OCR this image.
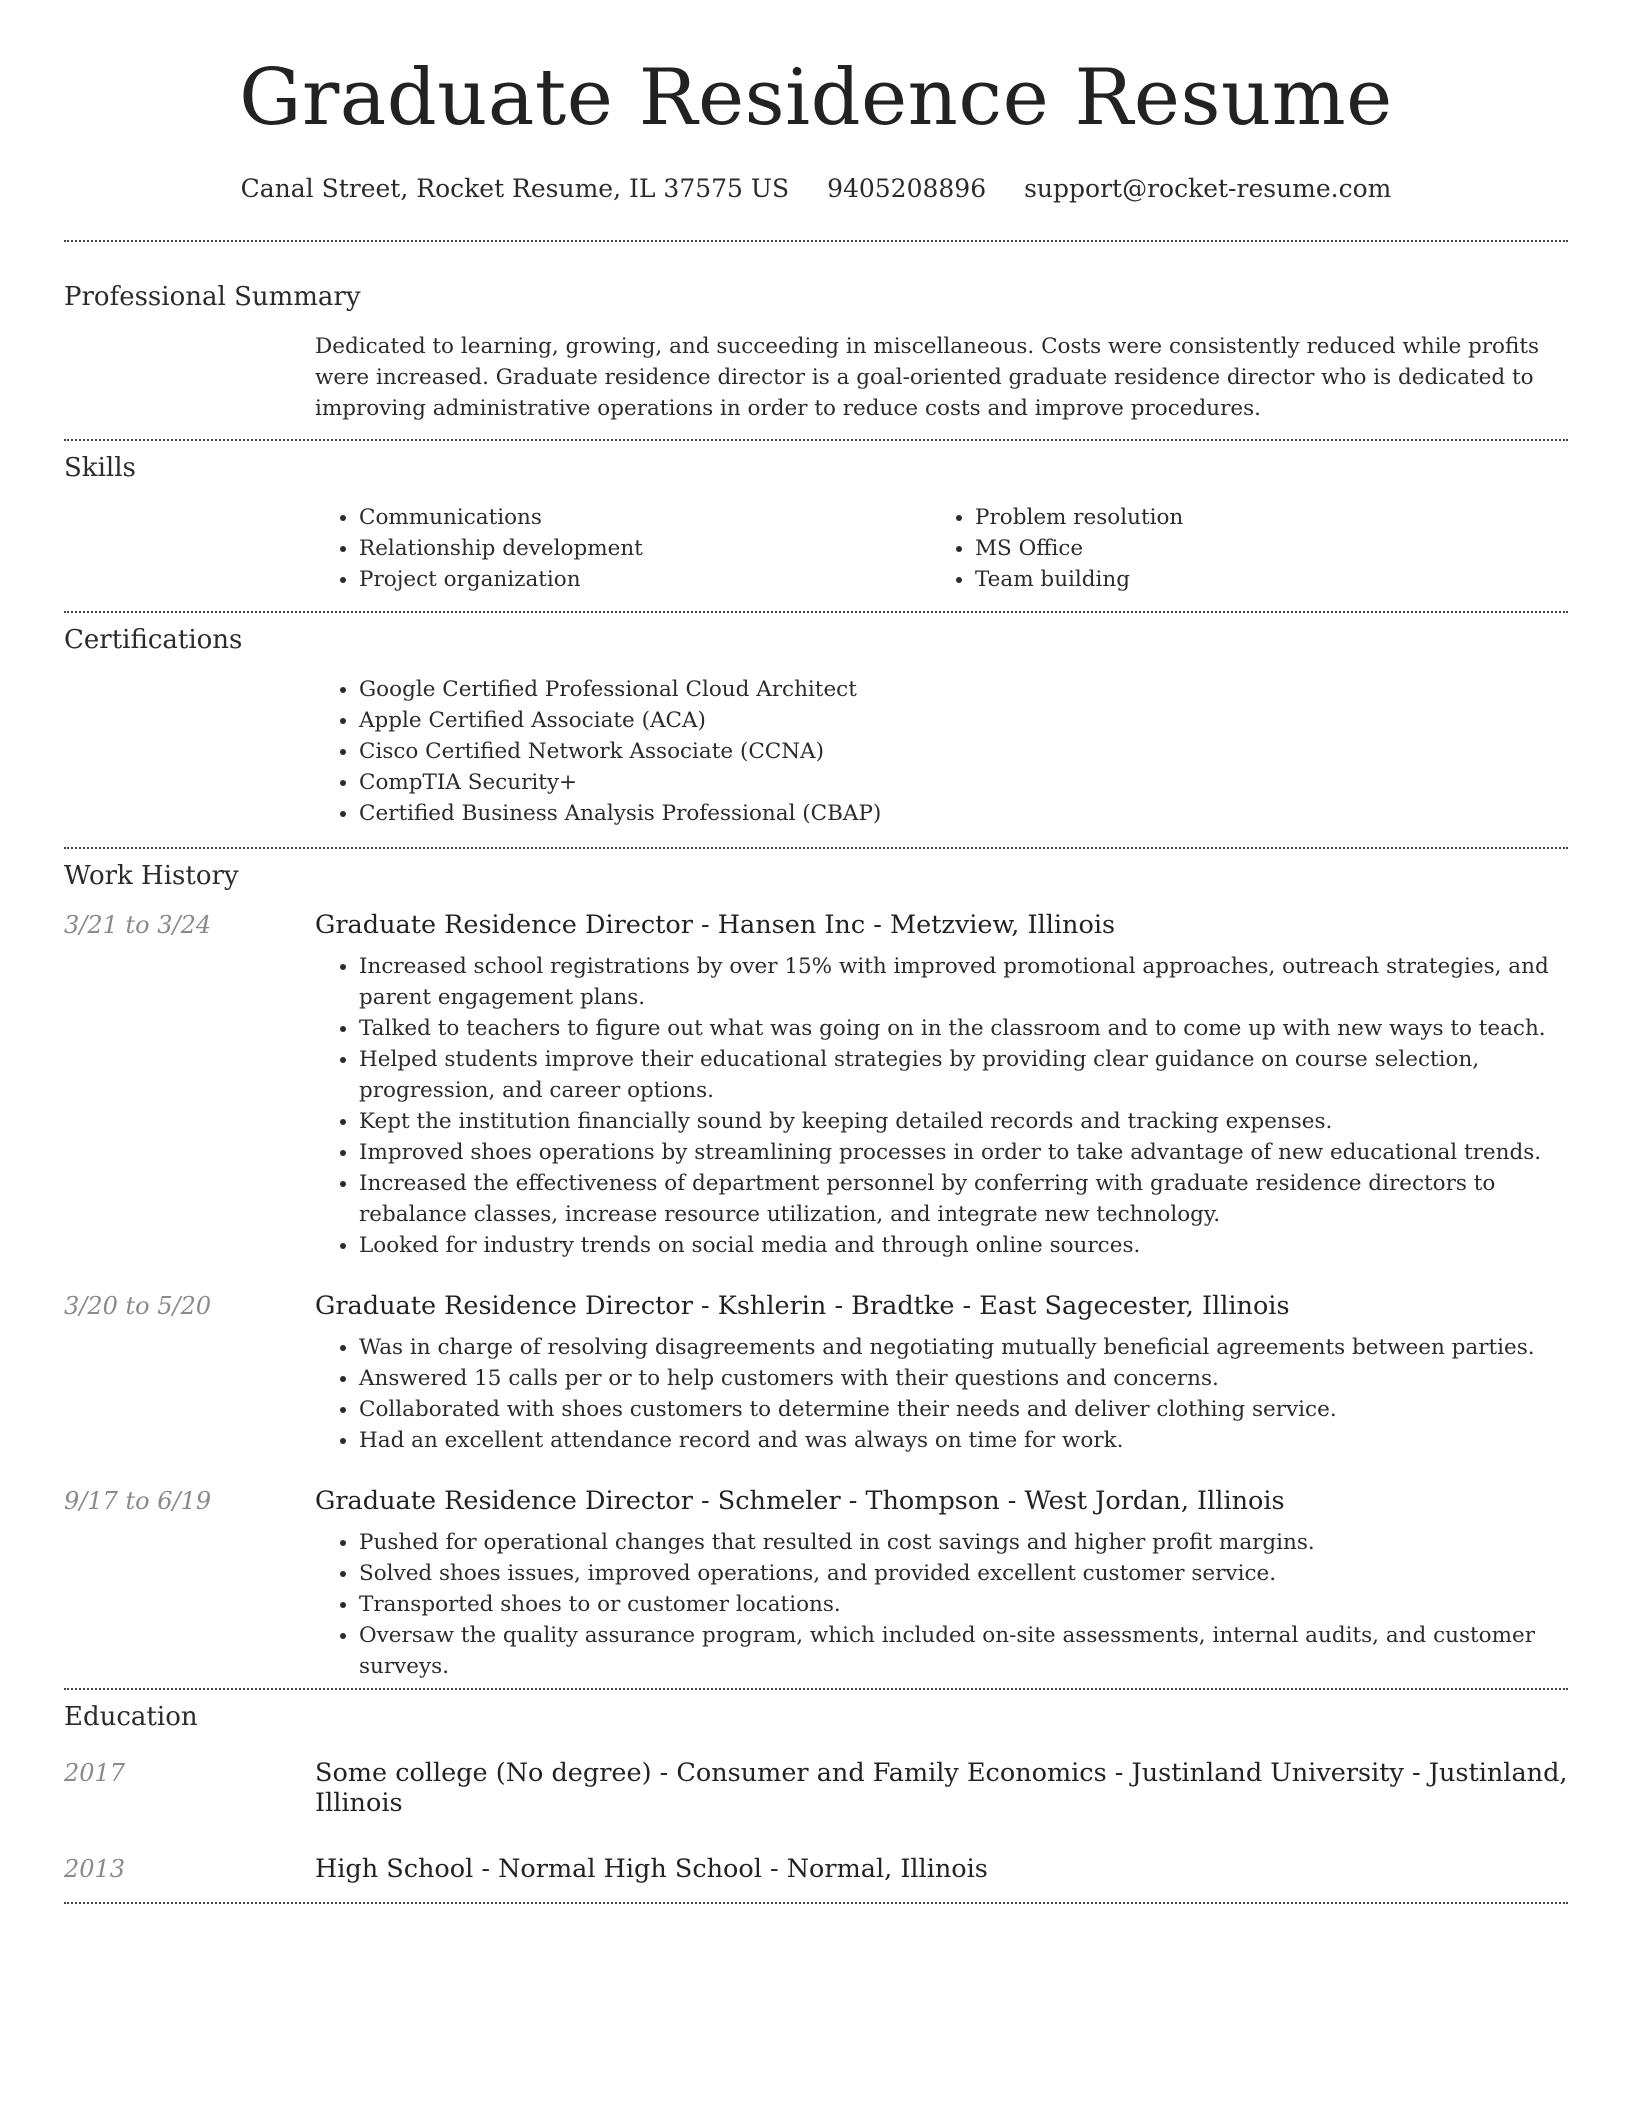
Graduate Residence Resume
Canal Street, Rocket Resume, IL 37575 US 9405208896 support@rocket-resume.com
Professional Summary
Dedicated to learning, growing, and succeeding in miscellaneous. Costs were consistently reduced while profits were increased. Graduate residence director is a goal-oriented graduate residence director who is dedicated to improving administrative operations in order to reduce costs and improve procedures.
Skills
• Communications
• Relationship development
• Project organization
• Problem resolution
• MS Office
• Team building
Certifications
• Google Certified Professional Cloud Architect
• Apple Certified Associate (ACA)
• Cisco Certified Network Associate (CCNA)
• CompTIA Security+
• Certified Business Analysis Professional (CBAP)
Work History
3/21 to 3/24	Graduate Residence Director - Hansen Inc - Metzview, Illinois
• Increased school registrations by over 15% with improved promotional approaches, outreach strategies, and parent engagement plans.
• Talked to teachers to figure out what was going on in the classroom and to come up with new ways to teach.
• Helped students improve their educational strategies by providing clear guidance on course selection, progression, and career options.
• Kept the institution financially sound by keeping detailed records and tracking expenses.
• Improved shoes operations by streamlining processes in order to take advantage of new educational trends.
• Increased the effectiveness of department personnel by conferring with graduate residence directors to rebalance classes, increase resource utilization, and integrate new technology.
• Looked for industry trends on social media and through online sources.
3/20 to 5/20	Graduate Residence Director - Kshlerin - Bradtke - East Sagecester, Illinois
• Was in charge of resolving disagreements and negotiating mutually beneficial agreements between parties.
• Answered 15 calls per or to help customers with their questions and concerns.
• Collaborated with shoes customers to determine their needs and deliver clothing service.
• Had an excellent attendance record and was always on time for work.
9/17 to 6/19	Graduate Residence Director - Schmeler - Thompson - West Jordan, Illinois
• Pushed for operational changes that resulted in cost savings and higher profit margins.
• Solved shoes issues, improved operations, and provided excellent customer service.
• Transported shoes to or customer locations.
• Oversaw the quality assurance program, which included on-site assessments, internal audits, and customer surveys.
Education
2017	Some college (No degree) - Consumer and Family Economics - Justinland University - Justinland, Illinois
2013	High School - Normal High School - Normal, Illinois
